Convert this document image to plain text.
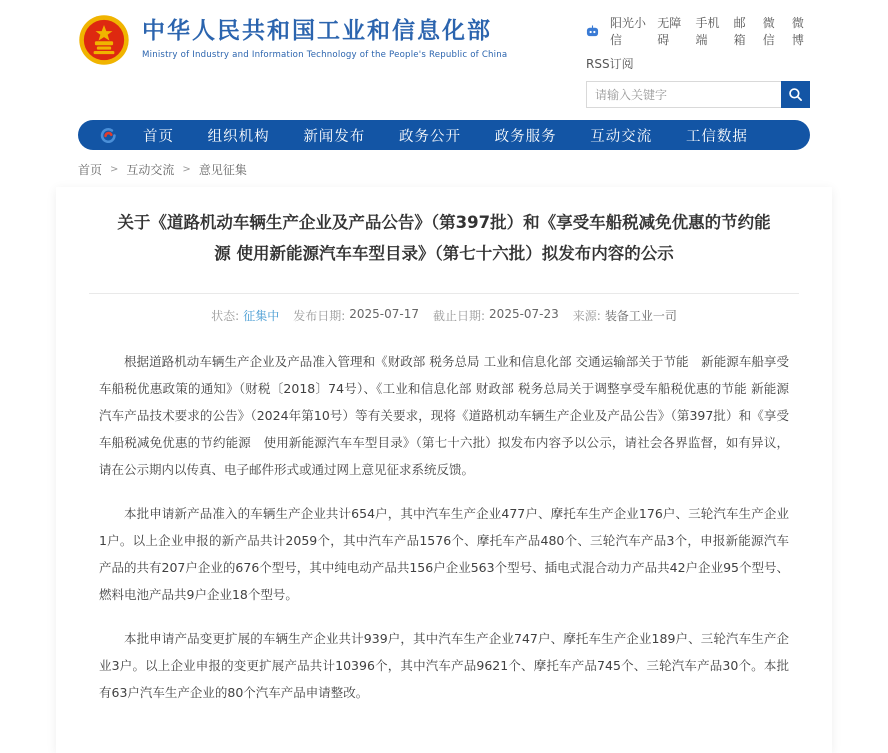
中华人民共和国工业和信息化部
Ministry of Industry and Information Technology of the People's Republic of China
阳光小信
无障碍
手机端
邮箱
微信
微博
RSS订阅
请输入关键字
首页 组织机构 新闻发布 政务公开 政务服务 互动交流 工信数据
首页 > 互动交流 > 意见征集
关于《道路机动车辆生产企业及产品公告》（第397批）和《享受车船税减免优惠的节约能源 使用新能源汽车车型目录》（第七十六批）拟发布内容的公示
状态: 征集中 发布日期: 2025-07-17 截止日期: 2025-07-23 来源: 装备工业一司

根据道路机动车辆生产企业及产品准入管理和《财政部 税务总局 工业和信息化部 交通运输部关于节能　新能源车船享受车船税优惠政策的通知》（财税〔2018〕74号）、《工业和信息化部 财政部 税务总局关于调整享受车船税优惠的节能 新能源汽车产品技术要求的公告》（2024年第10号）等有关要求，现将《道路机动车辆生产企业及产品公告》（第397批）和《享受车船税减免优惠的节约能源　使用新能源汽车车型目录》（第七十六批）拟发布内容予以公示，请社会各界监督，如有异议，请在公示期内以传真、电子邮件形式或通过网上意见征求系统反馈。

本批申请新产品准入的车辆生产企业共计654户，其中汽车生产企业477户、摩托车生产企业176户、三轮汽车生产企业1户。以上企业申报的新产品共计2059个，其中汽车产品1576个、摩托车产品480个、三轮汽车产品3个，申报新能源汽车产品的共有207户企业的676个型号，其中纯电动产品共156户企业563个型号、插电式混合动力产品共42户企业95个型号、燃料电池产品共9户企业18个型号。

本批申请产品变更扩展的车辆生产企业共计939户，其中汽车生产企业747户、摩托车生产企业189户、三轮汽车生产企业3户。以上企业申报的变更扩展产品共计10396个，其中汽车产品9621个、摩托车产品745个、三轮汽车产品30个。本批有63户汽车生产企业的80个汽车产品申请整改。
